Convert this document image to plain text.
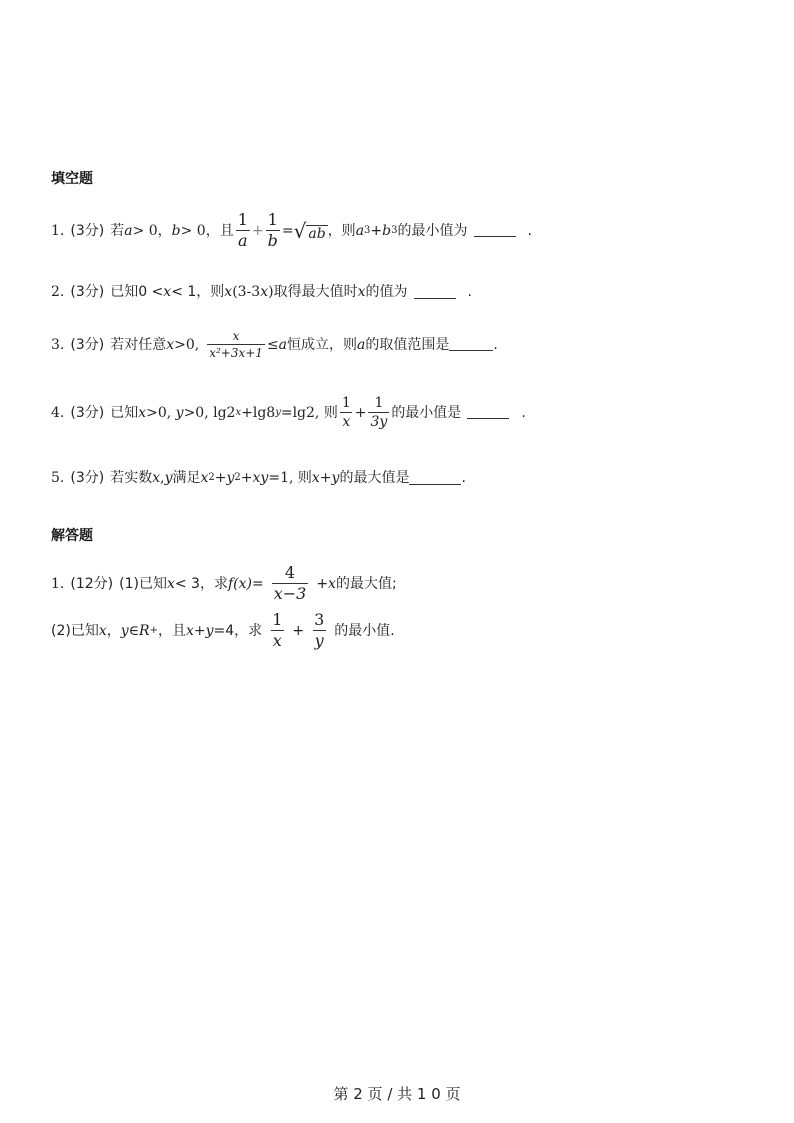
填空题
1. (3分) 若 a > 0， b > 0，且 $\frac{1}{a} + \frac{1}{b}$ = √ ab ，则 a 3 + b 3 的最小值为	.
2. (3分) 已知0 < x < 1，则 x (3-3 x ) 取得最大值时 x 的值为	.
3. (3分) 若对任意 x >0, $\frac{x}{\text{x²+3x+1}} \le a$ 恒成立，则 a 的取值范围是	.
4. (3分) 已知 x >0,
y >0, lg2 x +lg8 y =lg2, 则 $\frac{1}{x} + \frac{1}{3y}$ 的最小值是	.
5. (3分) 若实数 x , y 满足 x 2 + y 2 + xy =1, 则 x + y 的最大值是	.
解答题
1. (12分) (1)已知 x < 3，求 f $(x) = \frac{4}{x-3} + x$ 的最大值;
(2)已知 x ， y ∈ R + ，且 x + y =4，求 $\frac{1}{x} + \frac{3}{y}$ 的最小值.
第 2 页 / 共 1 0 页
